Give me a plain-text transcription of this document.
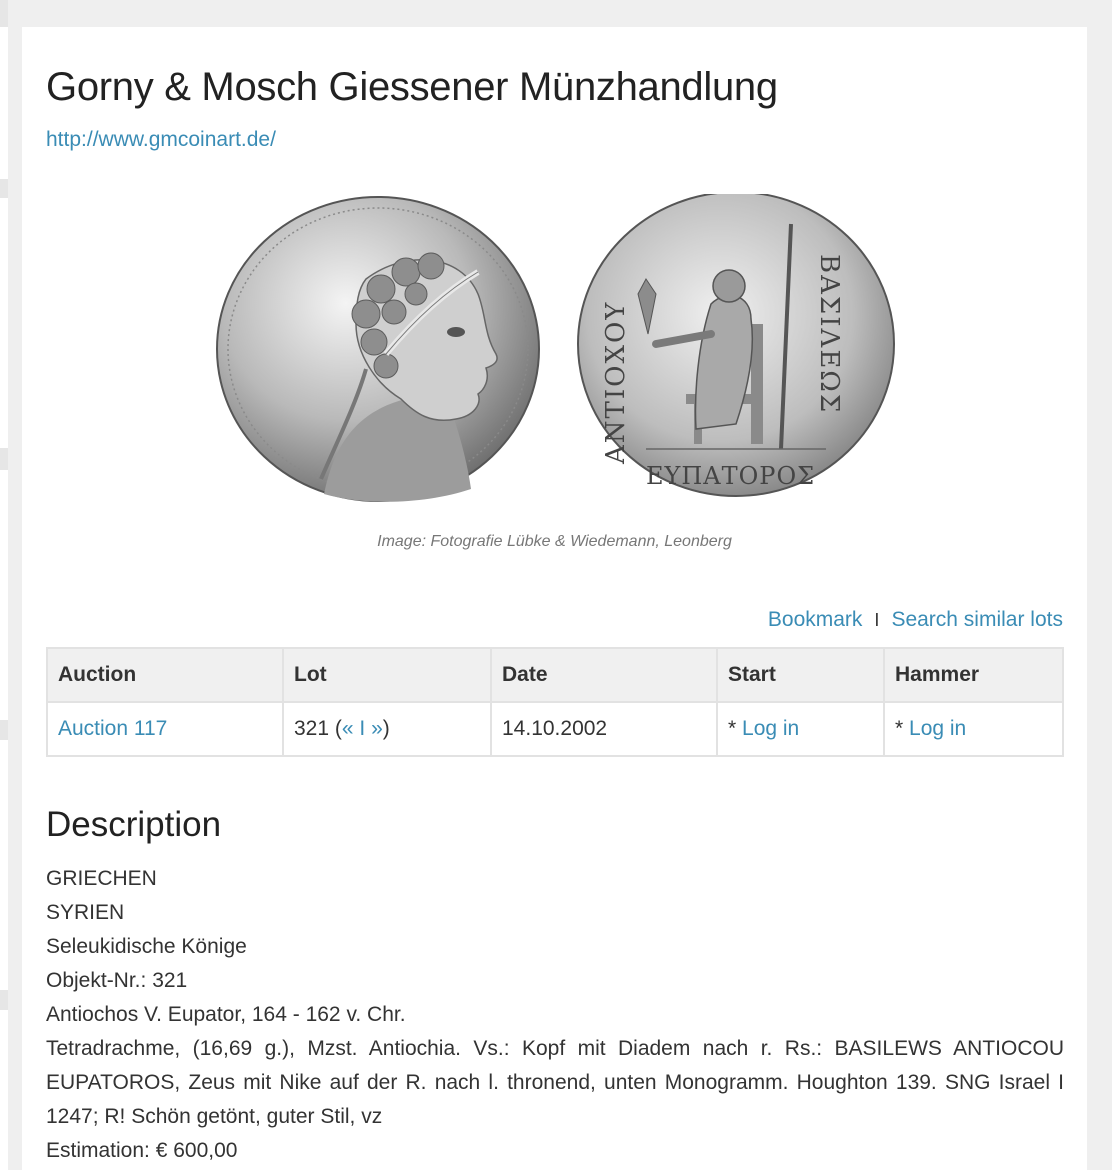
Gorny & Mosch Giessener Münzhandlung
http://www.gmcoinart.de/
ΒΑΣΙΛΕΩΣ
ΑΝΤΙΟΧΟΥ
ΕΥΠΑΤΟΡΟΣ
Image: Fotografie Lübke & Wiedemann, Leonberg
Bookmark I Search similar lots
Auction	Lot	Date	Start	Hammer
Auction 117	321 (« I »)	14.10.2002	* Log in	* Log in
Description
GRIECHEN
SYRIEN
Seleukidische Könige
Objekt-Nr.: 321
Antiochos V. Eupator, 164 - 162 v. Chr.
Tetradrachme, (16,69 g.), Mzst. Antiochia. Vs.: Kopf mit Diadem nach r. Rs.: BASILEWS ANTIOCOU EUPATOROS, Zeus mit Nike auf der R. nach l. thronend, unten Monogramm. Houghton 139. SNG Israel I 1247; R! Schön getönt, guter Stil, vz
Estimation: € 600,00
